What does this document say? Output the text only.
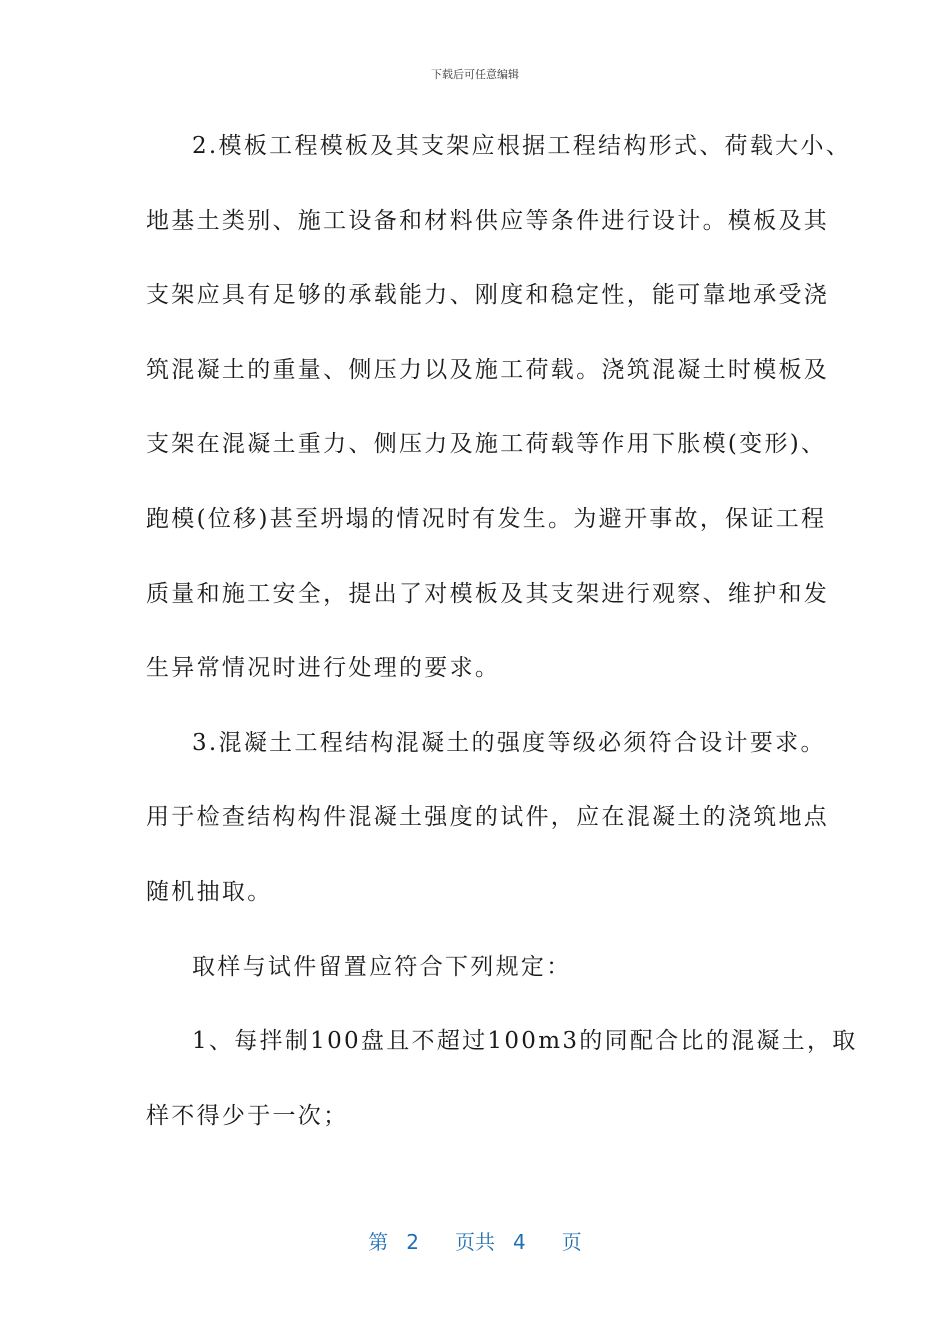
下载后可任意编辑
2.模板工程模板及其支架应根据工程结构形式、荷载大小、
地基土类别、施工设备和材料供应等条件进行设计。模板及其
支架应具有足够的承载能力、刚度和稳定性，能可靠地承受浇
筑混凝土的重量、侧压力以及施工荷载。浇筑混凝土时模板及
支架在混凝土重力、侧压力及施工荷载等作用下胀模(变形)、
跑模(位移)甚至坍塌的情况时有发生。为避开事故，保证工程
质量和施工安全，提出了对模板及其支架进行观察、维护和发
生异常情况时进行处理的要求。
3.混凝土工程结构混凝土的强度等级必须符合设计要求。
用于检查结构构件混凝土强度的试件，应在混凝土的浇筑地点
随机抽取。
取样与试件留置应符合下列规定：
1、每拌制100盘且不超过100m3的同配合比的混凝土，取
样不得少于一次；
第 2 页共 4 页
